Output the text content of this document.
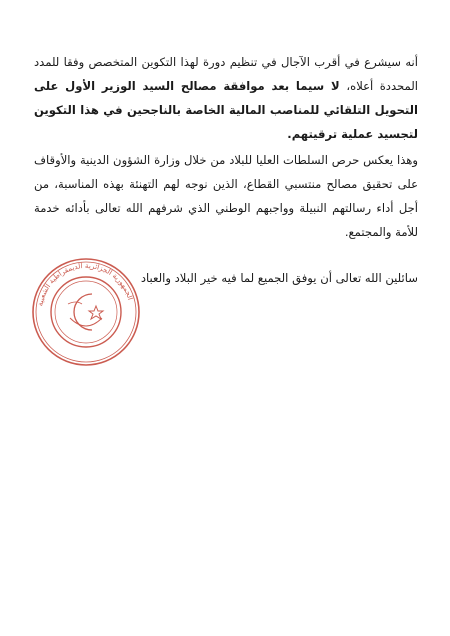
أنه سيشرع في أقرب الآجال في تنظيم دورة لهذا التكوين المتخصص وفقا للمدد المحددة أعلاه، لا سيما بعد موافقة مصالح السيد الوزير الأول على التحويل التلقائي للمناصب المالية الخاصة بالناجحين في هذا التكوين لتجسيد عملية ترقيتهم.

وهذا يعكس حرص السلطات العليا للبلاد من خلال وزارة الشؤون الدينية والأوقاف على تحقيق مصالح منتسبي القطاع، الذين نوجه لهم التهنئة بهذه المناسبة، من أجل أداء رسالتهم النبيلة وواجبهم الوطني الذي شرفهم الله تعالى بأدائه خدمة للأمة والمجتمع.

سائلين الله تعالى أن يوفق الجميع لما فيه خير البلاد والعباد

الجمهورية الجزائرية الديمقراطية الشعبية
